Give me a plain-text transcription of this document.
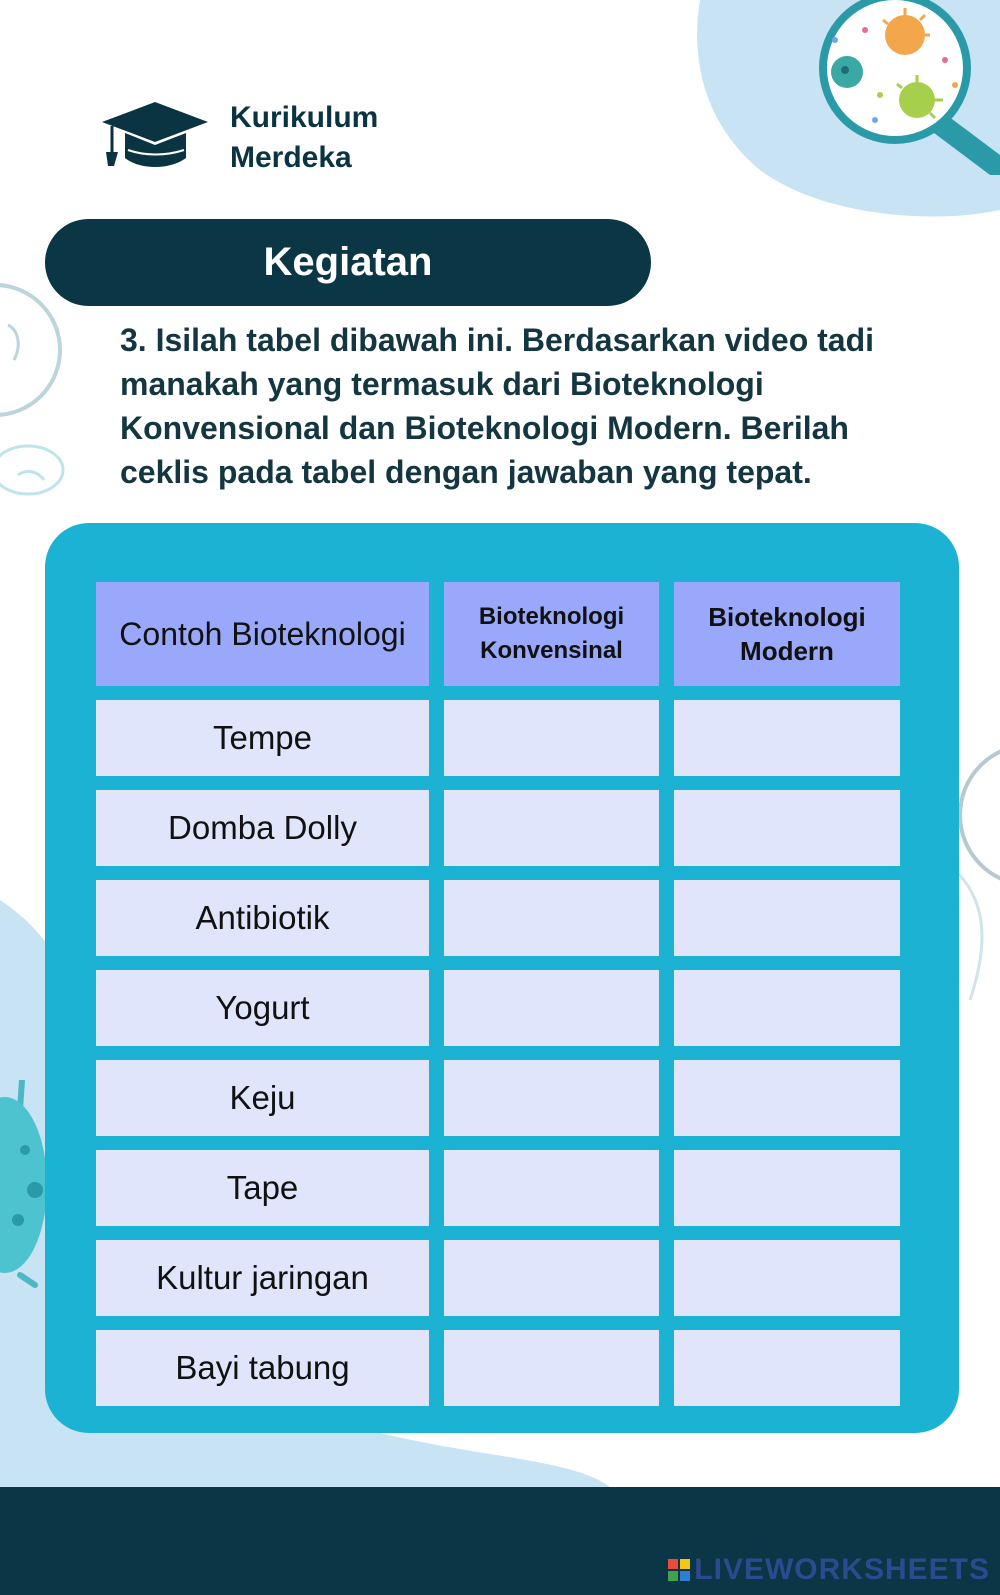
Kurikulum
Merdeka
Kegiatan
3. Isilah tabel dibawah ini. Berdasarkan video tadi manakah yang termasuk dari Bioteknologi Konvensional dan Bioteknologi Modern. Berilah ceklis pada tabel dengan jawaban yang tepat.
Contoh Bioteknologi	Bioteknologi
Konvensinal
Bioteknologi
Modern
Tempe
Domba Dolly
Antibiotik
Yogurt
Keju
Tape
Kultur jaringan
Bayi tabung
LIVEWORKSHEETS
